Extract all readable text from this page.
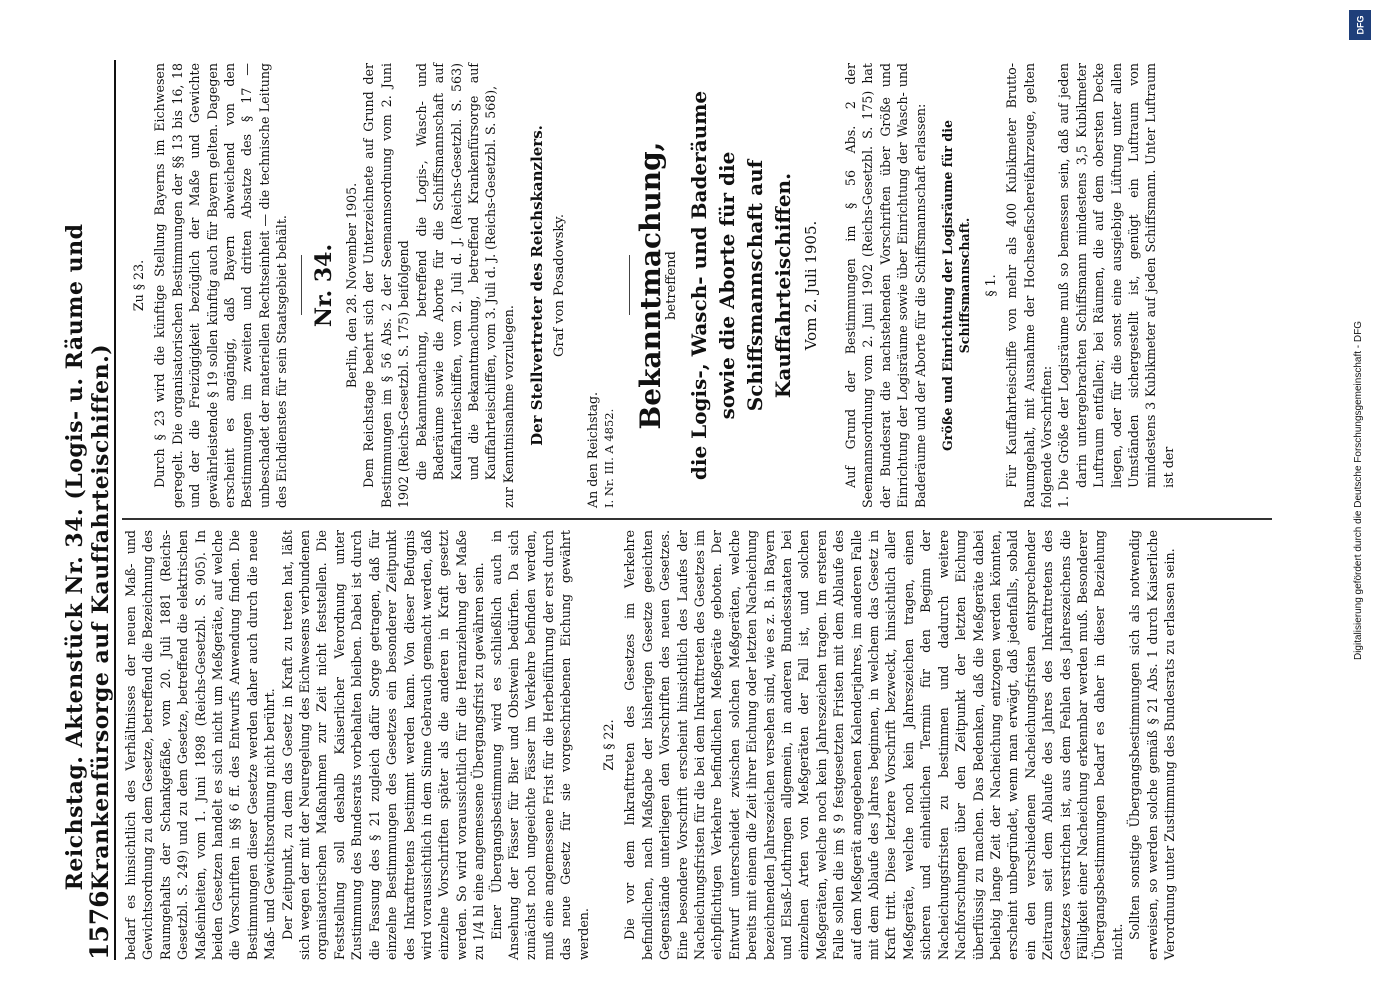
1576
Reichstag. Aktenstück Nr. 34. (Logis- u. Räume und Krankenfürsorge auf Kauffahrteischiffen.) bedarf es hinsichtlich des Verhältnisses der neuen Maß- und Gewichtsordnung zu dem Gesetze, betreffend die Bezeichnung des Raumgehalts der Schankgefäße, vom 20. Juli 1881 (Reichs-Gesetzbl. S. 249) und zu dem Gesetze, betreffend die elektrischen Maßeinheiten, vom 1. Juni 1898 (Reichs-Gesetzbl. S. 905). In beiden Gesetzen handelt es sich nicht um Meßgeräte, auf welche die Vorschriften in §§ 6 ff. des Entwurfs Anwendung finden. Die Bestimmungen dieser Gesetze werden daher auch durch die neue Maß- und Gewichtsordnung nicht berührt. Der Zeitpunkt, zu dem das Gesetz in Kraft zu treten hat, läßt sich wegen der mit der Neuregelung des Eichwesens verbundenen organisatorischen Maßnahmen zur Zeit nicht feststellen. Die Feststellung soll deshalb Kaiserlicher Verordnung unter Zustimmung des Bundesrats vorbehalten bleiben. Dabei ist durch die Fassung des § 21 zugleich dafür Sorge getragen, daß für einzelne Bestimmungen des Gesetzes ein besonderer Zeitpunkt des Inkrafttretens bestimmt werden kann. Von dieser Befugnis wird voraussichtlich in dem Sinne Gebrauch gemacht werden, daß einzelne Vorschriften später als die anderen in Kraft gesetzt werden. So wird voraussichtlich für die Heranziehung der Maße zu 1/4 hl eine angemessene Übergangsfrist zu gewähren sein. Einer Übergangsbestimmung wird es schließlich auch in Ansehung der Fässer für Bier und Obstwein bedürfen. Da sich zunächst noch ungeeichte Fässer im Verkehre befinden werden, muß eine angemessene Frist für die Herbeiführung der erst durch das neue Gesetz für sie vorgeschriebenen Eichung gewährt werden.

Zu § 22. Die vor dem Inkrafttreten des Gesetzes im Verkehre befindlichen, nach Maßgabe der bisherigen Gesetze geeichten Gegenstände unterliegen den Vorschriften des neuen Gesetzes. Eine besondere Vorschrift erscheint hinsichtlich des Laufes der Nacheichungsfristen für die bei dem Inkrafttreten des Gesetzes im eichpflichtigen Verkehre befindlichen Meßgeräte geboten. Der Entwurf unterscheidet zwischen solchen Meßgeräten, welche bereits mit einem die Zeit ihrer Eichung oder letzten Nacheichung bezeichnenden Jahreszeichen versehen sind, wie es z. B. in Bayern und Elsaß-Lothringen allgemein, in anderen Bundesstaaten bei einzelnen Arten von Meßgeräten der Fall ist, und solchen Meßgeräten, welche noch kein Jahreszeichen tragen. Im ersteren Falle sollen die im § 9 festgesetzten Fristen mit dem Ablaufe des auf dem Meßgerät angegebenen Kalenderjahres, im anderen Falle mit dem Ablaufe des Jahres beginnen, in welchem das Gesetz in Kraft tritt. Diese letztere Vorschrift bezweckt, hinsichtlich aller Meßgeräte, welche noch kein Jahreszeichen tragen, einen sicheren und einheitlichen Termin für den Beginn der Nacheichungsfristen zu bestimmen und dadurch weitere Nachforschungen über den Zeitpunkt der letzten Eichung überflüssig zu machen. Das Bedenken, daß die Meßgeräte dabei beliebig lange Zeit der Nacheichung entzogen werden könnten, erscheint unbegründet, wenn man erwägt, daß jedenfalls, sobald ein den verschiedenen Nacheichungsfristen entsprechender Zeitraum seit dem Ablaufe des Jahres des Inkrafttretens des Gesetzes verstrichen ist, aus dem Fehlen des Jahreszeichens die Fälligkeit einer Nacheichung erkennbar werden muß. Besonderer Übergangsbestimmungen bedarf es daher in dieser Beziehung nicht.

Sollten sonstige Übergangsbestimmungen sich als notwendig erweisen, so werden solche gemäß § 21 Abs. 1 durch Kaiserliche Verordnung unter Zustimmung des Bundesrats zu erlassen sein.

Zu § 23. Durch § 23 wird die künftige Stellung Bayerns im Eichwesen geregelt. Die organisatorischen Bestimmungen der §§ 13 bis 16, 18 und der die Freizügigkeit bezüglich der Maße und Gewichte gewährleistende § 19 sollen künftig auch für Bayern gelten. Dagegen erscheint es angängig, daß Bayern abweichend von den Bestimmungen im zweiten und dritten Absatze des § 17 — unbeschadet der materiellen Rechtseinheit — die technische Leitung des Eichdienstes für sein Staatsgebiet behält. Nr. 34. Berlin, den 28. November 1905. Dem Reichstage beehrt sich der Unterzeichnete auf Grund der Bestimmungen im § 56 Abs. 2 der Seemannsordnung vom 2. Juni 1902 (Reichs-Gesetzbl. S. 175) beifolgend die Bekanntmachung, betreffend die Logis-, Wasch- und Baderäume sowie die Aborte für die Schiffsmannschaft auf Kauffahrteischiffen, vom 2. Juli d. J. (Reichs-Gesetzbl. S. 563) und die Bekanntmachung, betreffend Krankenfürsorge auf Kauffahrteischiffen, vom 3. Juli d. J. (Reichs-Gesetzbl. S. 568), zur Kenntnisnahme vorzulegen. Der Stellvertreter des Reichskanzlers. Graf von Posadowsky.

An den Reichstag. I. Nr. III. A 4852.

Bekanntmachung,

betreffend die Logis-, Wasch- und Baderäume sowie die Aborte für die Schiffsmannschaft auf Kauffahrteischiffen. Vom 2. Juli 1905. Auf Grund der Bestimmungen im § 56 Abs. 2 der Seemannsordnung vom 2. Juni 1902 (Reichs-Gesetzbl. S. 175) hat der Bundesrat die nachstehenden Vorschriften über Größe und Einrichtung der Logisräume sowie über Einrichtung der Wasch- und Baderäume und der Aborte für die Schiffsmannschaft erlassen: Größe und Einrichtung der Logisräume für die Schiffsmannschaft. § 1. Für Kauffahrteischiffe von mehr als 400 Kubikmeter Brutto-Raumgehalt, mit Ausnahme der Hochseefischereifahrzeuge, gelten folgende Vorschriften: 1. Die Größe der Logisräume muß so bemessen sein, daß auf jeden darin untergebrachten Schiffsmann mindestens 3,5 Kubikmeter Luftraum entfallen; bei Räumen, die auf dem obersten Decke liegen, oder für die sonst eine ausgiebige Lüftung unter allen Umständen sichergestellt ist, genügt ein Luftraum von mindestens 3 Kubikmeter auf jeden Schiffsmann. Unter Luftraum ist der

DFG
Digitalisierung gefördert durch die Deutsche Forschungsgemeinschaft - DFG
